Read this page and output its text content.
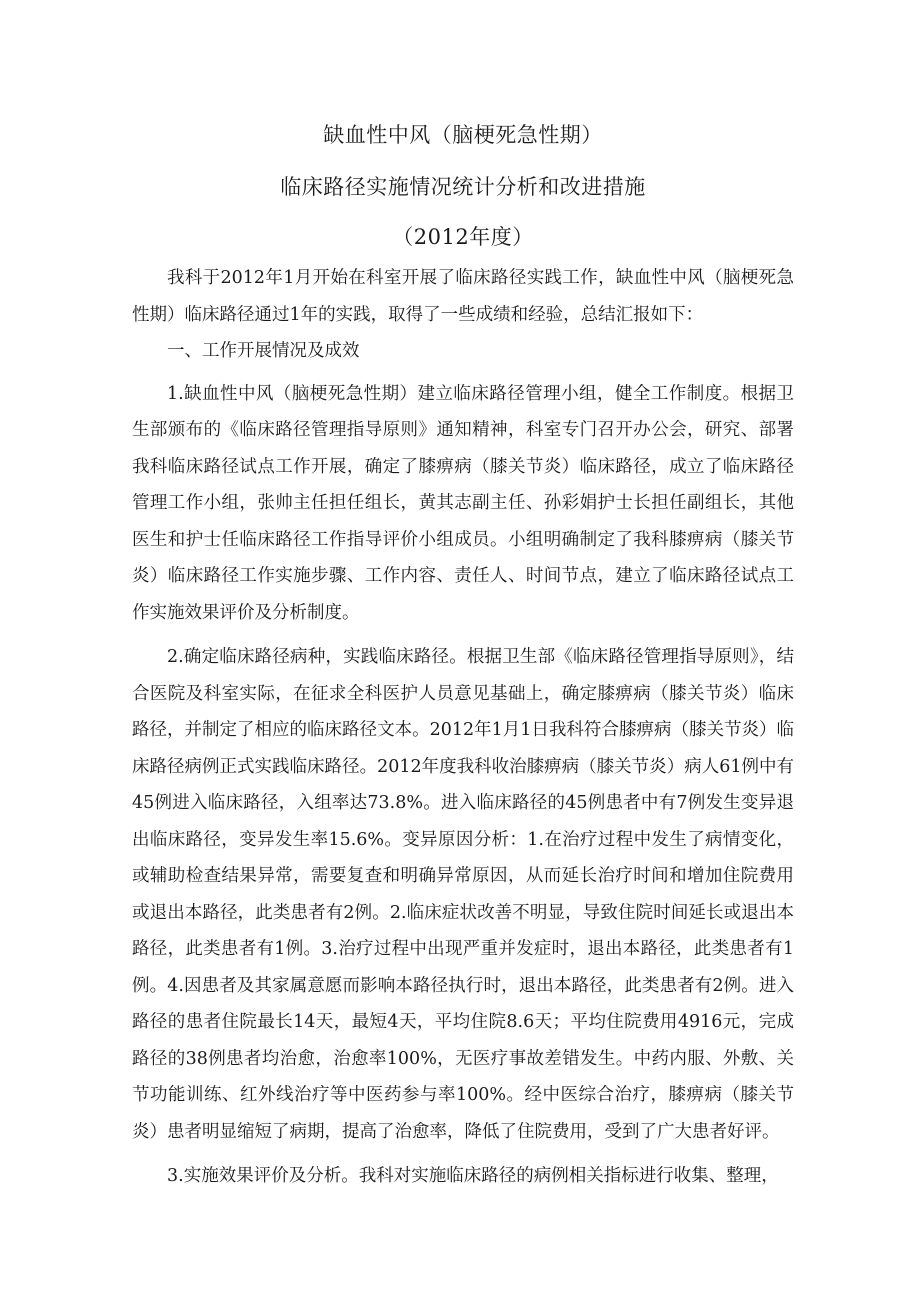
缺血性中风（脑梗死急性期）
临床路径实施情况统计分析和改进措施
（2012年度）

我科于2012年1月开始在科室开展了临床路径实践工作，缺血性中风（脑梗死急性期）临床路径通过1年的实践，取得了一些成绩和经验，总结汇报如下：

一、工作开展情况及成效

1.缺血性中风（脑梗死急性期）建立临床路径管理小组，健全工作制度。根据卫生部颁布的《临床路径管理指导原则》通知精神，科室专门召开办公会，研究、部署我科临床路径试点工作开展，确定了膝痹病（膝关节炎）临床路径，成立了临床路径管理工作小组，张帅主任担任组长，黄其志副主任、孙彩娟护士长担任副组长，其他医生和护士任临床路径工作指导评价小组成员。小组明确制定了我科膝痹病（膝关节炎）临床路径工作实施步骤、工作内容、责任人、时间节点，建立了临床路径试点工作实施效果评价及分析制度。

2.确定临床路径病种，实践临床路径。根据卫生部《临床路径管理指导原则》，结合医院及科室实际，在征求全科医护人员意见基础上，确定膝痹病（膝关节炎）临床路径，并制定了相应的临床路径文本。2012年1月1日我科符合膝痹病（膝关节炎）临床路径病例正式实践临床路径。2012年度我科收治膝痹病（膝关节炎）病人61例中有45例进入临床路径，入组率达73.8%。进入临床路径的45例患者中有7例发生变异退出临床路径，变异发生率15.6%。变异原因分析：1.在治疗过程中发生了病情变化，或辅助检查结果异常，需要复查和明确异常原因，从而延长治疗时间和增加住院费用或退出本路径，此类患者有2例。2.临床症状改善不明显，导致住院时间延长或退出本路径，此类患者有1例。3.治疗过程中出现严重并发症时，退出本路径，此类患者有1例。4.因患者及其家属意愿而影响本路径执行时，退出本路径，此类患者有2例。进入路径的患者住院最长14天，最短4天，平均住院8.6天；平均住院费用4916元，完成路径的38例患者均治愈，治愈率100%，无医疗事故差错发生。中药内服、外敷、关节功能训练、红外线治疗等中医药参与率100%。经中医综合治疗，膝痹病（膝关节炎）患者明显缩短了病期，提高了治愈率，降低了住院费用，受到了广大患者好评。

3.实施效果评价及分析。我科对实施临床路径的病例相关指标进行收集、整理，
